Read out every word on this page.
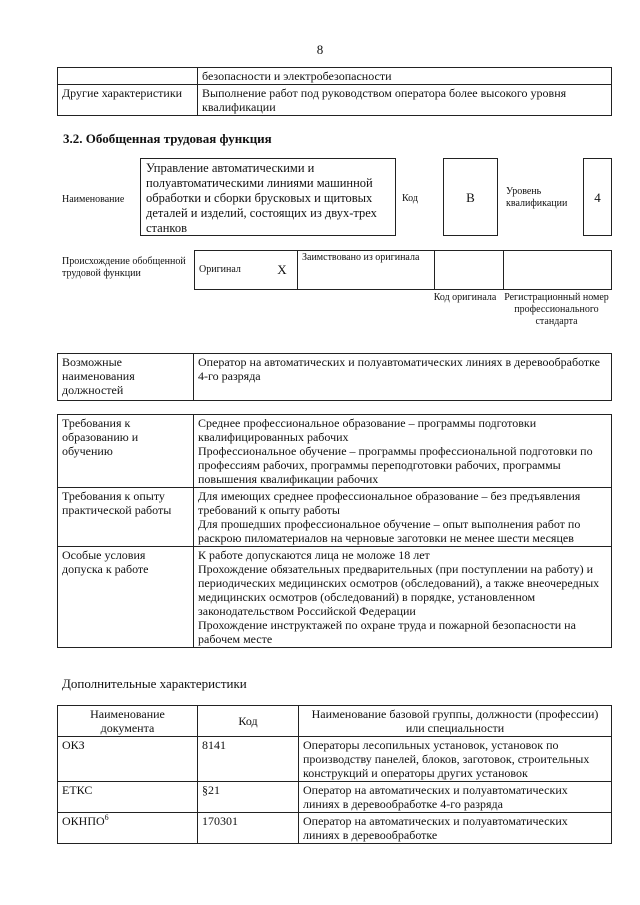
8
	безопасности и электробезопасности
Другие характеристики	Выполнение работ под руководством оператора более высокого уровня квалификации
3.2. Обобщенная трудовая функция
Наименование
Управление автоматическими и полуавтоматическими линиями машинной обработки и сборки брусковых и щитовых деталей и изделий, состоящих из двух-трех станков
Код	B	Уровень квалификации	4
Происхождение обобщенной трудовой функции	Оригинал	X	Заимствовано из оригинала		
Код оригинала Регистрационный номер профессионального стандарта
Возможные наименования должностей	Оператор на автоматических и полуавтоматических линиях в деревообработке 4-го разряда
Требования к образованию и обучению	Среднее профессиональное образование – программы подготовки квалифицированных рабочих
Профессиональное обучение – программы профессиональной подготовки по профессиям рабочих, программы переподготовки рабочих, программы повышения квалификации рабочих

Требования к опыту практической работы	Для имеющих среднее профессиональное образование – без предъявления требований к опыту работы
Для прошедших профессиональное обучение – опыт выполнения работ по раскрою пиломатериалов на черновые заготовки не менее шести месяцев

Особые условия допуска к работе	К работе допускаются лица не моложе 18 лет
Прохождение обязательных предварительных (при поступлении на работу) и периодических медицинских осмотров (обследований), а также внеочередных медицинских осмотров (обследований) в порядке, установленном законодательством Российской Федерации
Прохождение инструктажей по охране труда и пожарной безопасности на рабочем месте
Дополнительные характеристики
Наименование документа	Код	Наименование базовой группы, должности (профессии) или специальности
ОКЗ	8141	Операторы лесопильных установок, установок по производству панелей, блоков, заготовок, строительных конструкций и операторы других установок
ЕТКС	§21	Оператор на автоматических и полуавтоматических линиях в деревообработке 4-го разряда
ОКНПО$^6$	170301	Оператор на автоматических и полуавтоматических линиях в деревообработке
